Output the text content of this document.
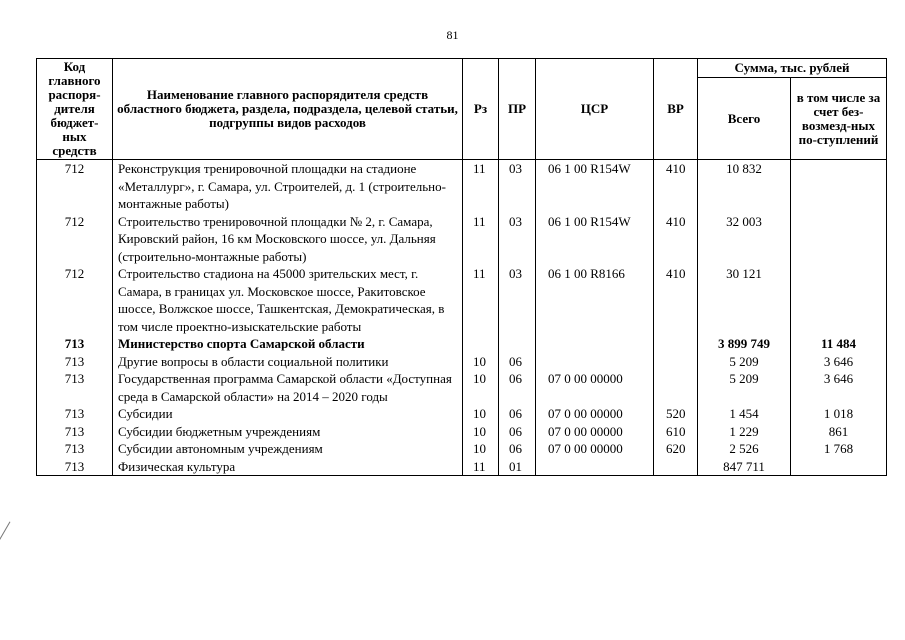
81
Код главного распоря-дителя бюджет-ных средств	Наименование главного распорядителя средств областного бюджета, раздела, подраздела, целевой статьи, подгруппы видов расходов	Рз	ПР	ЦСР	ВР	Сумма, тыс. рублей	
						Всего	в том числе за счет без-возмезд-ных по-ступлений
712	Реконструкция тренировочной площадки на стадионе «Металлург», г. Самара, ул. Строителей, д. 1 (строительно-монтажные работы)	11	03	06 1 00 R154W	410	10 832	
712	Строительство тренировочной площадки № 2, г. Самара, Кировский район, 16 км Московского шоссе, ул. Дальняя (строительно-монтажные работы)	11	03	06 1 00 R154W	410	32 003	
712	Строительство стадиона на 45000 зрительских мест, г. Самара, в границах ул. Московское шоссе, Ракитовское шоссе, Волжское шоссе, Ташкентская, Демократическая, в том числе проектно-изыскательские работы	11	03	06 1 00 R8166	410	30 121	
713	Министерство спорта Самарской области					3 899 749	11 484
713	Другие вопросы в области социальной политики	10	06			5 209	3 646
713	Государственная программа Самарской области «Доступная среда в Самарской области» на 2014 – 2020 годы	10	06	07 0 00 00000		5 209	3 646
713	Субсидии	10	06	07 0 00 00000	520	1 454	1 018
713	Субсидии бюджетным учреждениям	10	06	07 0 00 00000	610	1 229	861
713	Субсидии автономным учреждениям	10	06	07 0 00 00000	620	2 526	1 768
713	Физическая культура	11	01			847 711	
